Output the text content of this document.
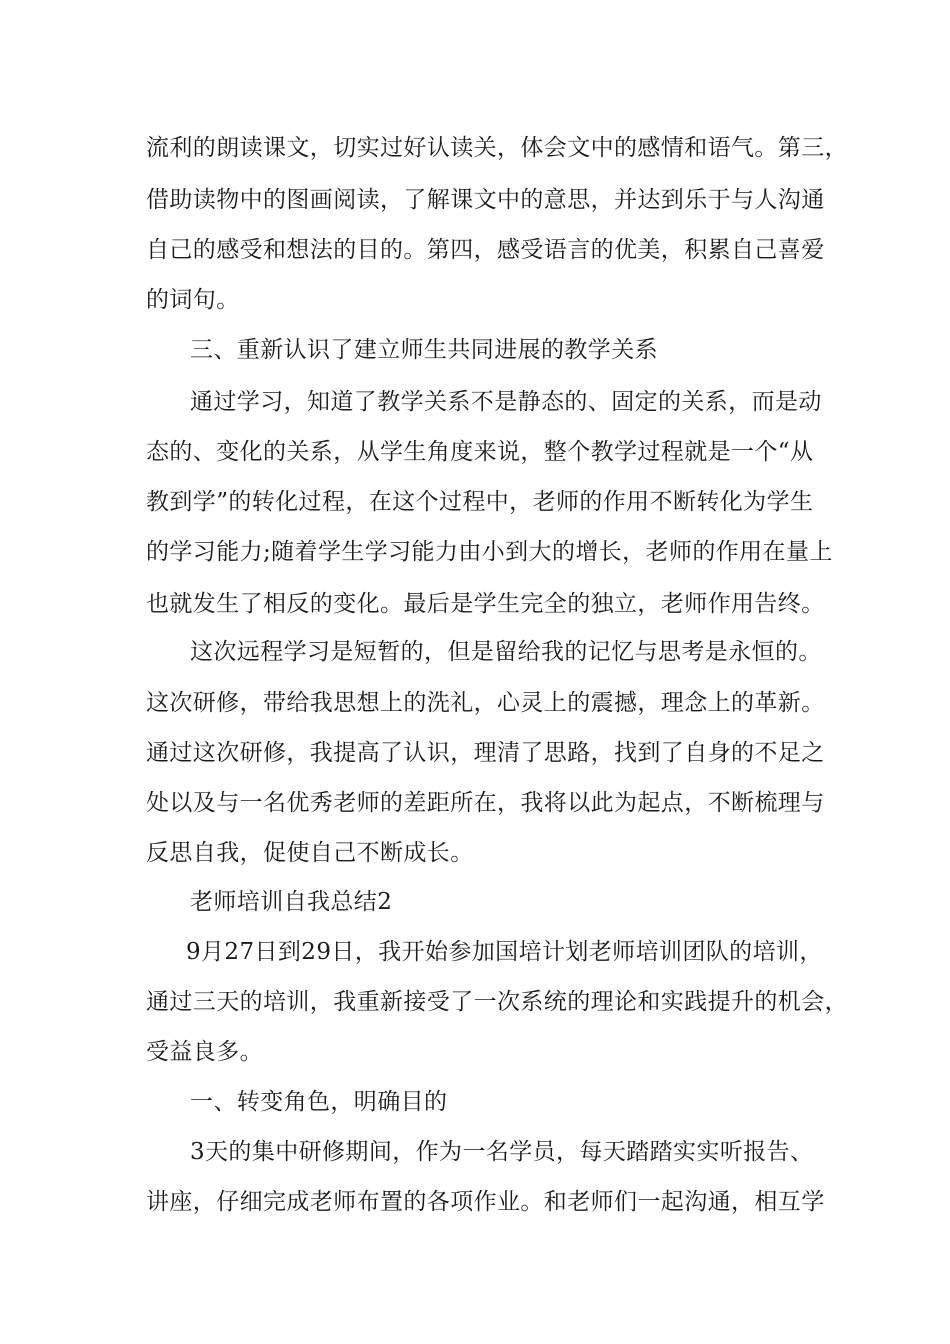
流利的朗读课文，切实过好认读关，体会文中的感情和语气。第三，
借助读物中的图画阅读，了解课文中的意思，并达到乐于与人沟通
自己的感受和想法的目的。第四，感受语言的优美，积累自己喜爱
的词句。
三、重新认识了建立师生共同进展的教学关系
通过学习，知道了教学关系不是静态的、固定的关系，而是动
态的、变化的关系，从学生角度来说，整个教学过程就是一个“从
教到学”的转化过程，在这个过程中，老师的作用不断转化为学生
的学习能力;随着学生学习能力由小到大的增长，老师的作用在量上
也就发生了相反的变化。最后是学生完全的独立，老师作用告终。
这次远程学习是短暂的，但是留给我的记忆与思考是永恒的。
这次研修，带给我思想上的洗礼，心灵上的震撼，理念上的革新。
通过这次研修，我提高了认识，理清了思路，找到了自身的不足之
处以及与一名优秀老师的差距所在，我将以此为起点，不断梳理与
反思自我，促使自己不断成长。
老师培训自我总结2
9月27日到29日，我开始参加国培计划老师培训团队的培训，
通过三天的培训，我重新接受了一次系统的理论和实践提升的机会，
受益良多。
一、转变角色，明确目的
3天的集中研修期间，作为一名学员，每天踏踏实实听报告、
讲座，仔细完成老师布置的各项作业。和老师们一起沟通，相互学
